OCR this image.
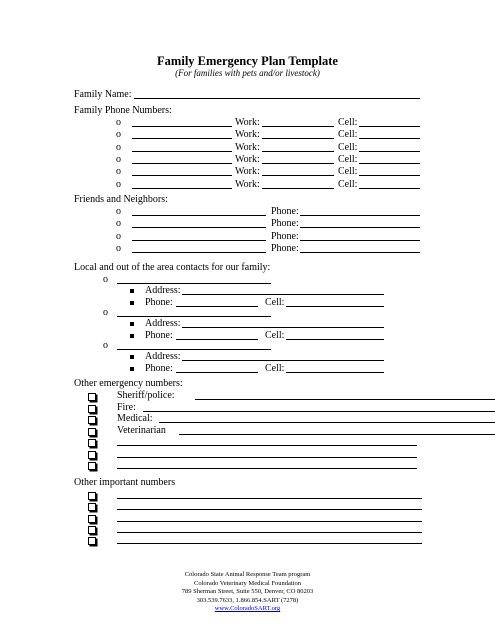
Family Emergency Plan Template
(For families with pets and/or livestock)
Family Name:
Family Phone Numbers:
o	Work:	Cell:
o	Work:	Cell:
o	Work:	Cell:
o	Work:	Cell:
o	Work:	Cell:
o	Work:	Cell:
Friends and Neighbors:
o	Phone:
o	Phone:
o	Phone:
o	Phone:
Local and out of the area contacts for our family:
o
Address:
Phone:	Cell:
o
Address:
Phone:	Cell:
o
Address:
Phone:	Cell:
Other emergency numbers:
Sheriff/police:
Fire:
Medical:
Veterinarian
Other important numbers
Colorado State Animal Response Team program
Colorado Veterinary Medical Foundation
789 Sherman Street, Suite 550, Denver, CO 80203
303.539.7633, 1.866.854.SART (7278)
www.ColoradoSART.org
